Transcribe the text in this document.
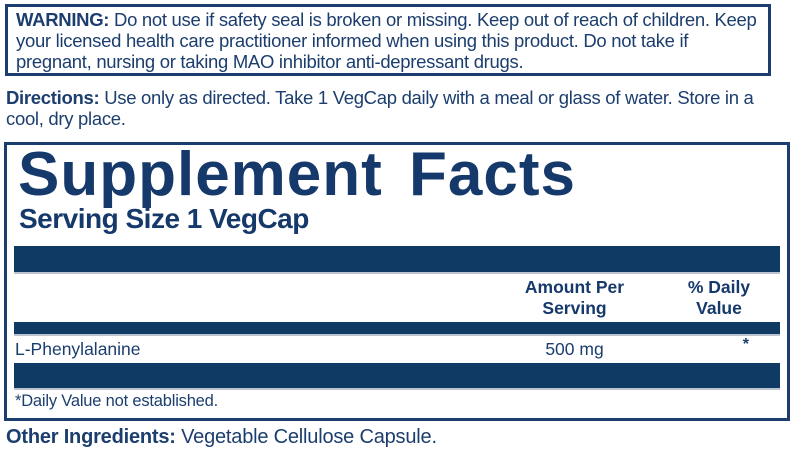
WARNING: Do not use if safety seal is broken or missing. Keep out of reach of children. Keep your licensed health care practitioner informed when using this product. Do not take if pregnant, nursing or taking MAO inhibitor anti-depressant drugs.

Directions: Use only as directed. Take 1 VegCap daily with a meal or glass of water. Store in a cool, dry place.

Supplement Facts
Serving Size 1 VegCap
Amount Per Serving
% Daily Value
L-Phenylalanine	500 mg	*
*Daily Value not established.

Other Ingredients: Vegetable Cellulose Capsule.
